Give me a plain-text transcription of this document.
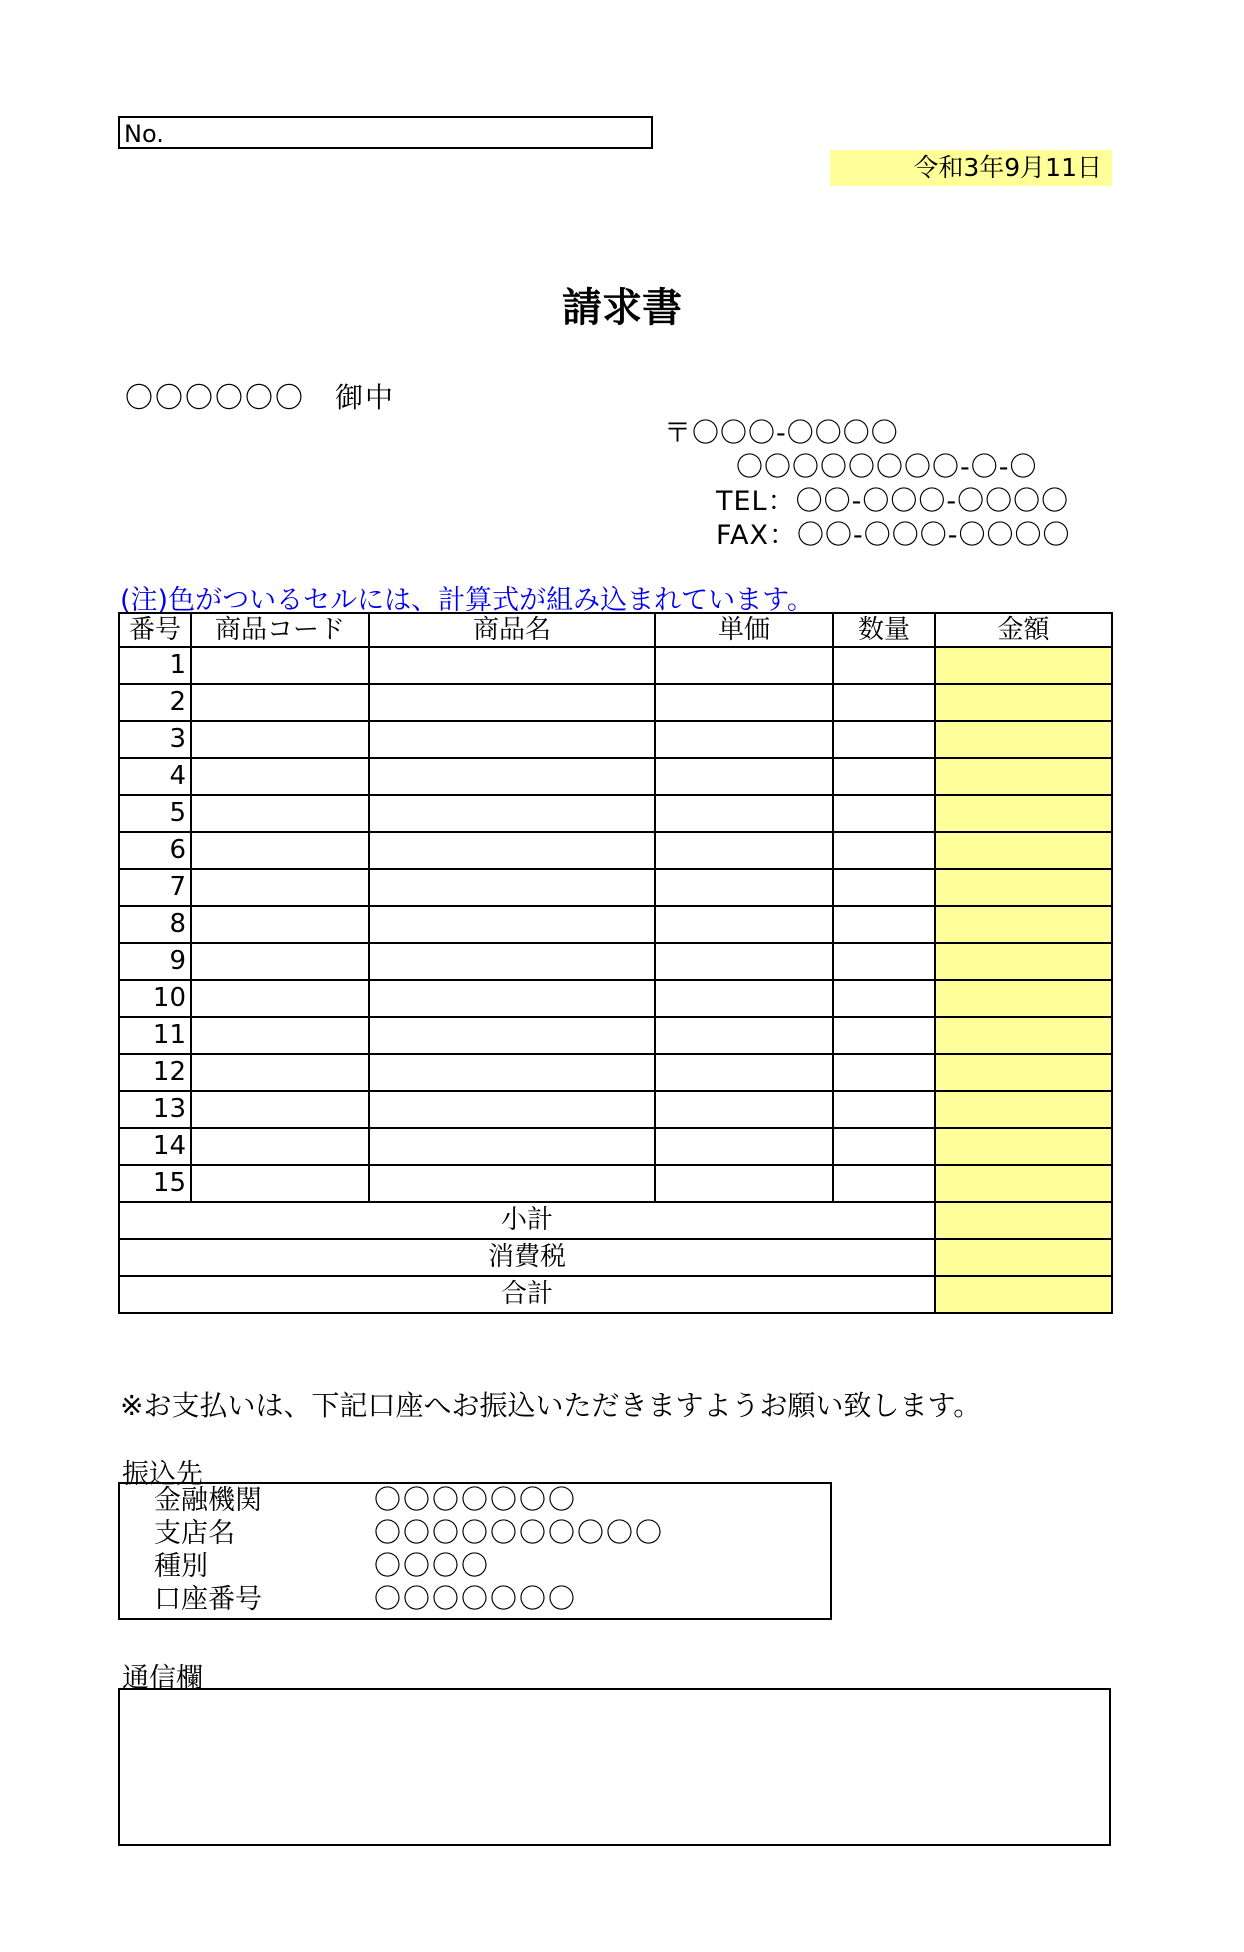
No.
令和3年9月11日
請求書
〇〇〇〇〇〇　御中
〒〇〇〇-〇〇〇〇
〇〇〇〇〇〇〇〇-〇-〇
TEL：〇〇-〇〇〇-〇〇〇〇
FAX：〇〇-〇〇〇-〇〇〇〇
(注)色がついるセルには、計算式が組み込まれています。
番号	商品コード	商品名	単価	数量	金額
1					
2					
3					
4					
5					
6					
7					
8					
9					
10					
11					
12					
13					
14					
15					
小計					
消費税					
合計					
※お支払いは、下記口座へお振込いただきますようお願い致します。
振込先
金融機関	〇〇〇〇〇〇〇
支店名	〇〇〇〇〇〇〇〇〇〇
種別	〇〇〇〇
口座番号	〇〇〇〇〇〇〇
通信欄
